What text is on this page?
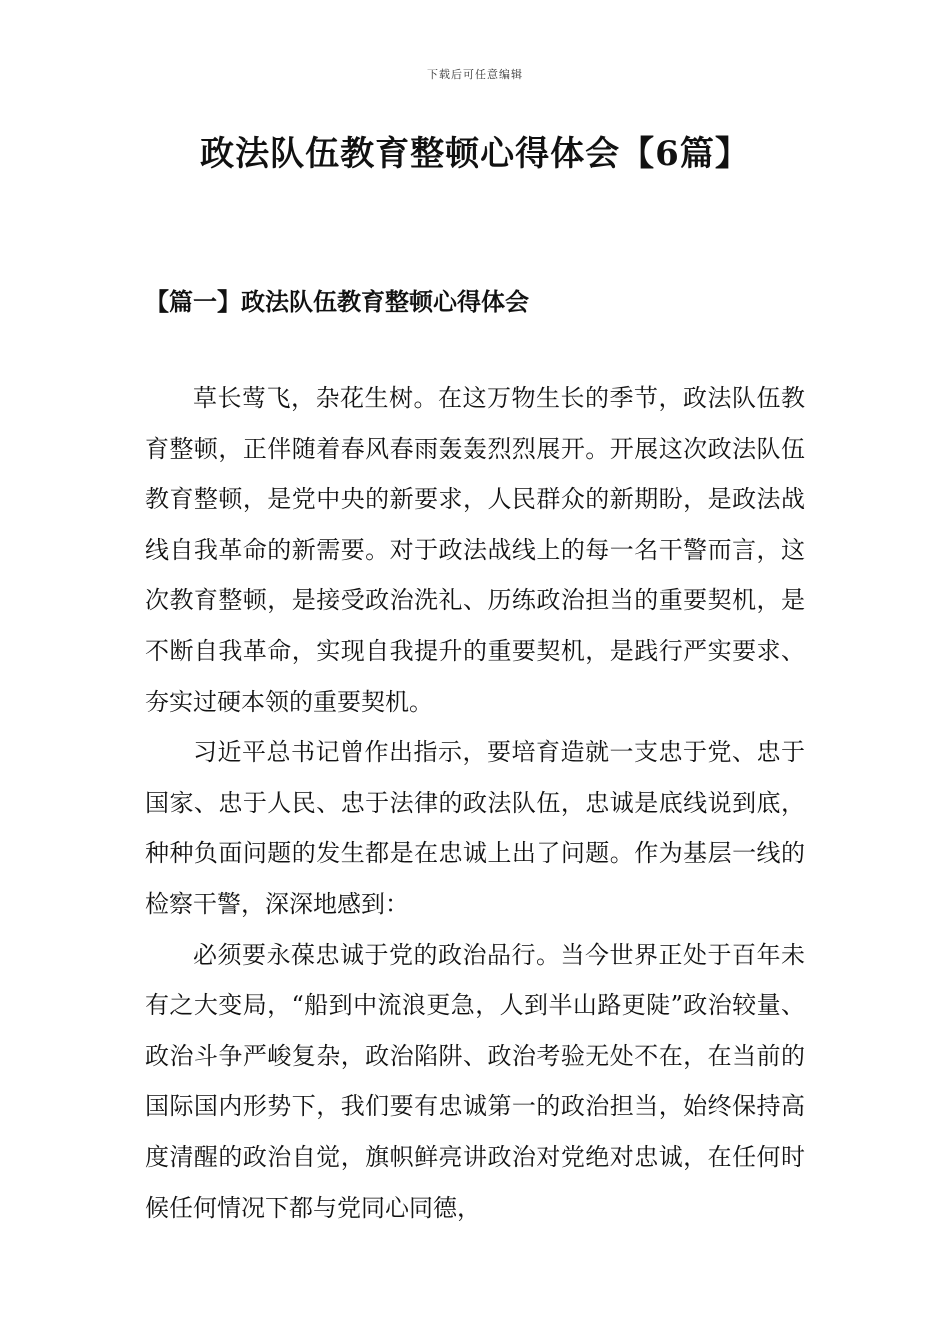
下载后可任意编辑
政法队伍教育整顿心得体会【6篇】
【篇一】政法队伍教育整顿心得体会

草长莺飞，杂花生树。在这万物生长的季节，政法队伍教育整顿，正伴随着春风春雨轰轰烈烈展开。开展这次政法队伍教育整顿，是党中央的新要求，人民群众的新期盼，是政法战线自我革命的新需要。对于政法战线上的每一名干警而言，这次教育整顿，是接受政治洗礼、历练政治担当的重要契机，是不断自我革命，实现自我提升的重要契机，是践行严实要求、夯实过硬本领的重要契机。

习近平总书记曾作出指示，要培育造就一支忠于党、忠于国家、忠于人民、忠于法律的政法队伍，忠诚是底线说到底，种种负面问题的发生都是在忠诚上出了问题。作为基层一线的检察干警，深深地感到：

必须要永葆忠诚于党的政治品行。当今世界正处于百年未有之大变局，“船到中流浪更急，人到半山路更陡”政治较量、政治斗争严峻复杂，政治陷阱、政治考验无处不在，在当前的国际国内形势下，我们要有忠诚第一的政治担当，始终保持高度清醒的政治自觉，旗帜鲜亮讲政治对党绝对忠诚，在任何时候任何情况下都与党同心同德，
